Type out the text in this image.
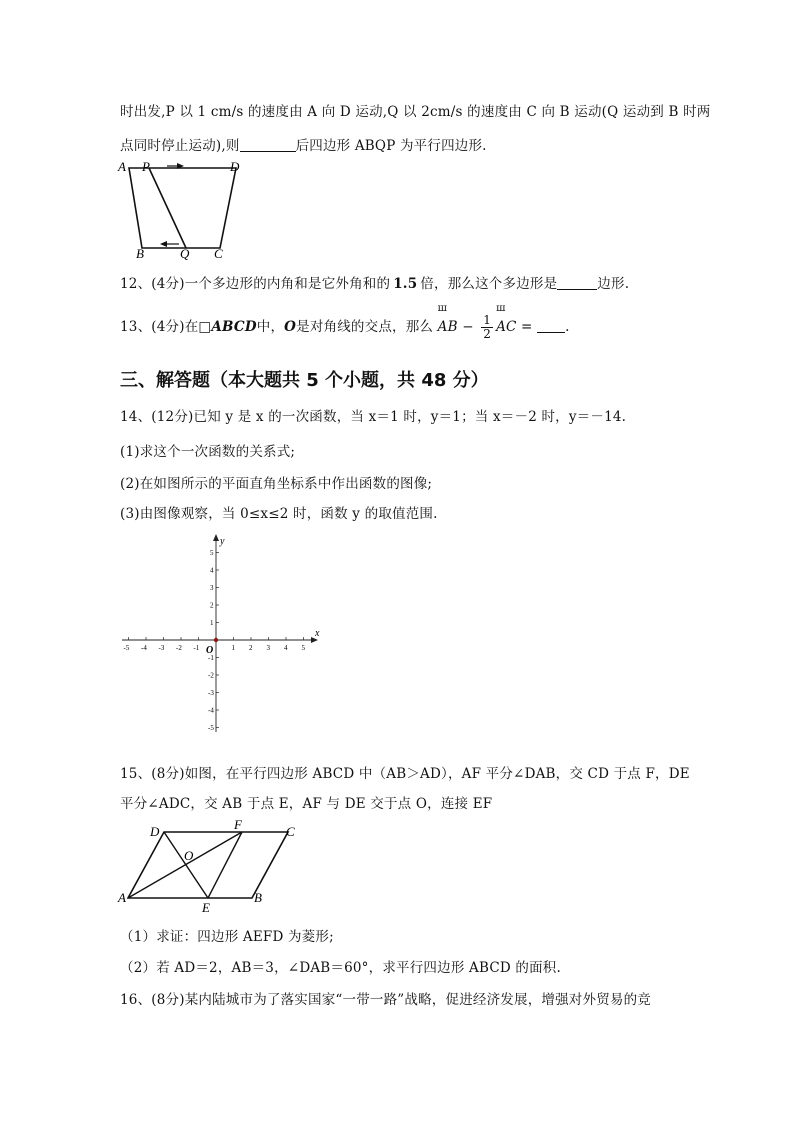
时出发,P 以 1 cm/s 的速度由 A 向 D 运动,Q 以 2cm/s 的速度由 C 向 B 运动(Q 运动到 B 时两
点同时停止运动),则	后四边形 ABQP 为平行四边形.
A P	D
B	Q C
12、(4分)一个多边形的内角和是它外角和的 1.5 倍，那么这个多边形是	边形.
13、(4分)在□ABCD中，O是对角线的交点，那么
ш
AB − $\frac{1}{2}$
ш
AC = .
三、解答题（本大题共 5 个小题，共 48 分）
14、(12分)已知 y 是 x 的一次函数，当 x＝1 时，y＝1；当 x＝－2 时，y＝－14.
(1)求这个一次函数的关系式;
(2)在如图所示的平面直角坐标系中作出函数的图像;
(3)由图像观察，当 0≤x≤2 时，函数 y 的取值范围.
-5 -4 -3 -2 -1	1 2 3 4 5
5
4
3
2
1
-1
-2
-3
-4
-5
O
x
y
15、(8分)如图，在平行四边形 ABCD 中（AB＞AD），AF 平分∠DAB，交 CD 于点 F，DE
平分∠ADC，交 AB 于点 E，AF 与 DE 交于点 O，连接 EF
D	F	C
O
A
E
B
（1）求证：四边形 AEFD 为菱形;
（2）若 AD＝2，AB＝3，∠DAB＝60°，求平行四边形 ABCD 的面积.
16、(8分)某内陆城市为了落实国家“一带一路”战略，促进经济发展，增强对外贸易的竞
